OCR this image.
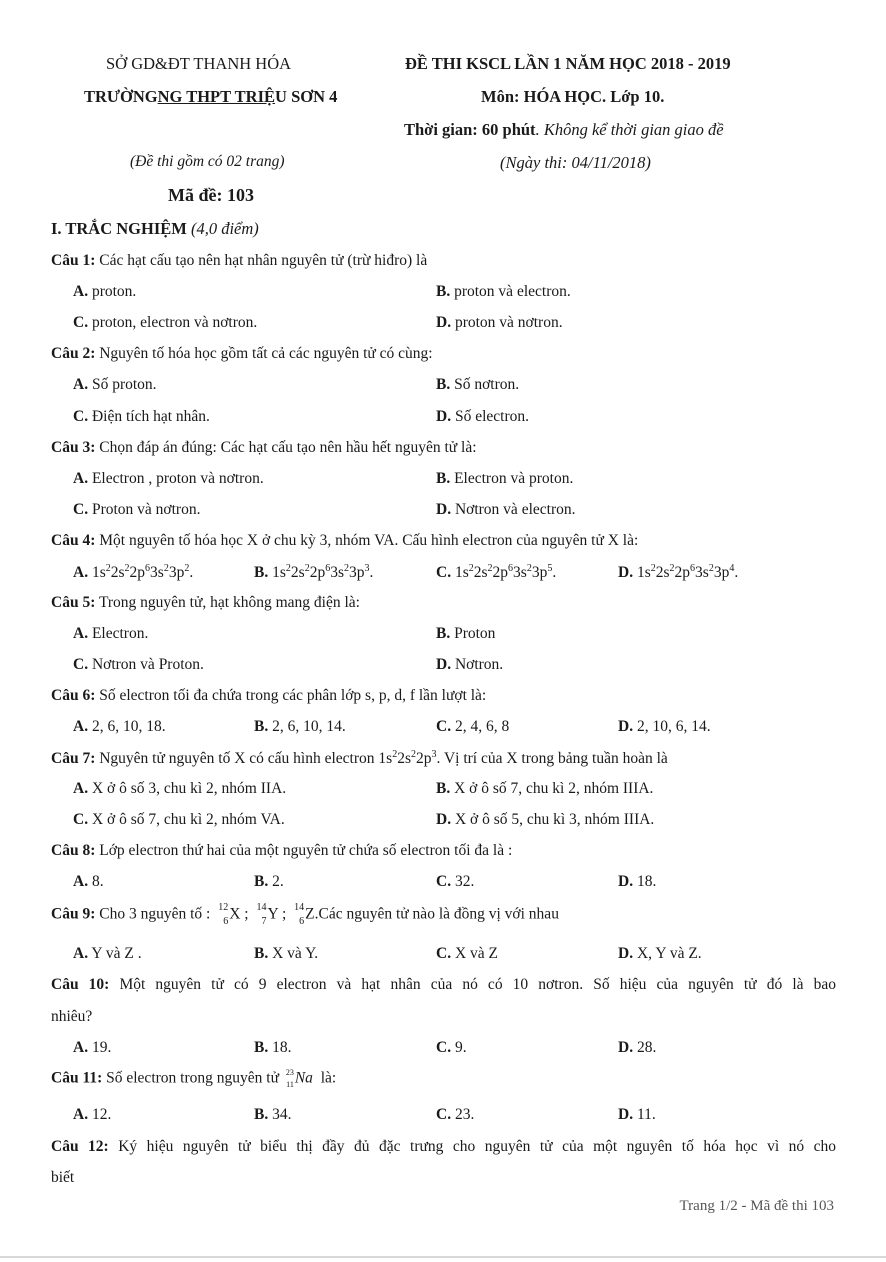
SỞ GD&ĐT THANH HÓA
TRƯỜNGNG THPT TRIỆU SƠN 4
ĐỀ THI KSCL LẦN 1 NĂM HỌC 2018 - 2019
Môn: HÓA HỌC. Lớp 10.
Thời gian: 60 phút. Không kể thời gian giao đề
(Đề thi gồm có 02 trang)	(Ngày thi: 04/11/2018)
Mã đề: 103
I. TRẮC NGHIỆM (4,0 điểm)
Câu 1: Các hạt cấu tạo nên hạt nhân nguyên tử (trừ hiđro) là
A. proton.	B. proton và electron.
C. proton, electron và nơtron.	D. proton và nơtron.
Câu 2: Nguyên tố hóa học gồm tất cả các nguyên tử có cùng:
A. Số proton.	B. Số nơtron.
C. Điện tích hạt nhân.	D. Số electron.
Câu 3: Chọn đáp án đúng: Các hạt cấu tạo nên hầu hết nguyên tử là:
A. Electron , proton và nơtron.	B. Electron và proton.
C. Proton và nơtron.	D. Nơtron và electron.
Câu 4: Một nguyên tố hóa học X ở chu kỳ 3, nhóm VA. Cấu hình electron của nguyên tử X là:
A. $1s^22s^22p^63s^23p^2$.	B. $1s^22s^22p^63s^23p^3$.	C. $1s^22s^22p^63s^23p^5$.	D. $1s^22s^22p^63s^23p^4$.
Câu 5: Trong nguyên tử, hạt không mang điện là:
A. Electron.	B. Proton
C. Nơtron và Proton.	D. Nơtron.
Câu 6: Số electron tối đa chứa trong các phân lớp s, p, d, f lần lượt là:
A. 2, 6, 10, 18.	B. 2, 6, 10, 14.	C. 2, 4, 6, 8	D. 2, 10, 6, 14.
Câu 7: Nguyên tử nguyên tố X có cấu hình electron $1s^22s^22p^3$. Vị trí của X trong bảng tuần hoàn là
A. X ở ô số 3, chu kì 2, nhóm IIA.	B. X ở ô số 7, chu kì 2, nhóm IIIA.
C. X ở ô số 7, chu kì 2, nhóm VA.	D. X ở ô số 5, chu kì 3, nhóm IIIA.
Câu 8: Lớp electron thứ hai của một nguyên tử chứa số electron tối đa là :
A. 8.	B. 2.	C. 32.	D. 18.
Câu 9: Cho 3 nguyên tố : 12
6 X ; 14
7 Y ; 14
6 Z.Các nguyên tử nào là đồng vị với nhau
A. Y và Z .	B. X và Y.	C. X và Z	D. X, Y và Z.
Câu 10: Một nguyên tử có 9 electron và hạt nhân của nó có 10 nơtron. Số hiệu của nguyên tử đó là bao
nhiêu?
A. 19.	B. 18.	C. 9.	D. 28.
Câu 11: Số electron trong nguyên tử 23
11 Na là:
A. 12.	B. 34.	C. 23.	D. 11.
Câu 12: Ký hiệu nguyên tử biểu thị đầy đủ đặc trưng cho nguyên tử của một nguyên tố hóa học vì nó cho
biết
Trang 1/2 - Mã đề thi 103
